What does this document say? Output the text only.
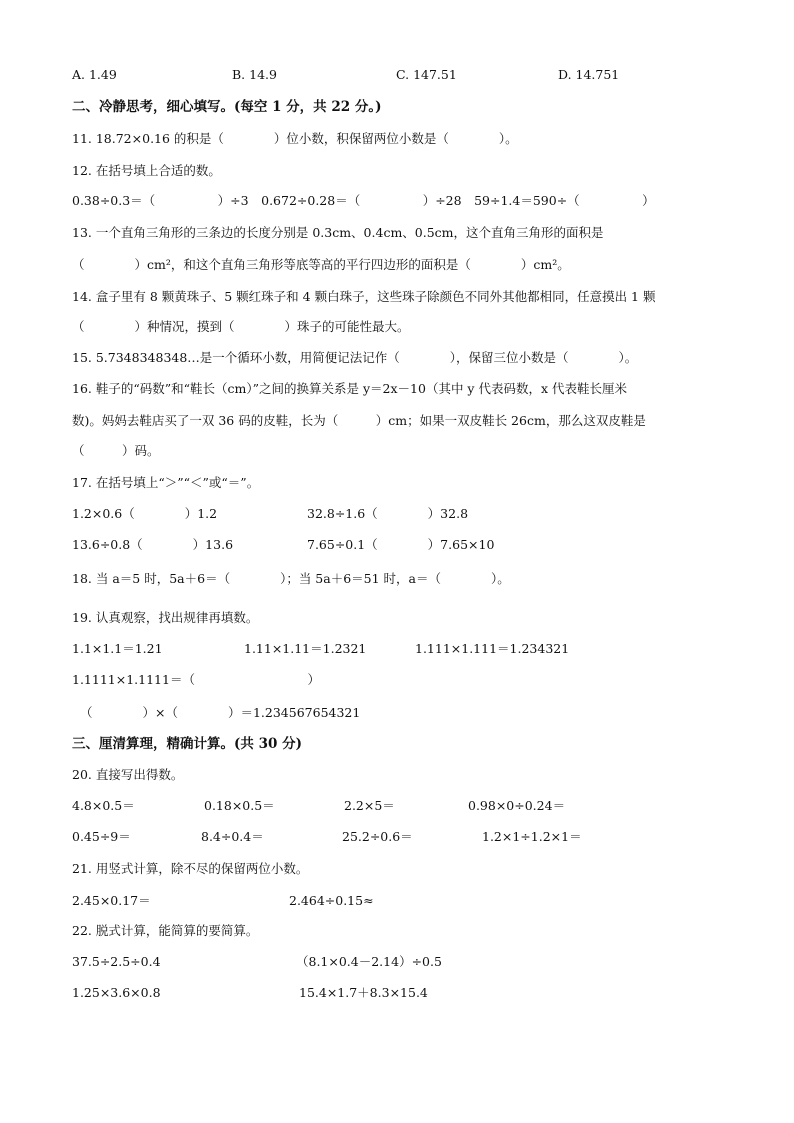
A. 1.49	B. 14.9	C. 147.51	D. 14.751
二、冷静思考，细心填写。(每空 1 分，共 22 分。)
11. 18.72×0.16 的积是（　　　　）位小数，积保留两位小数是（　　　　）。
12. 在括号填上合适的数。
0.38÷0.3＝（　　　　　）÷3　0.672÷0.28＝（　　　　　）÷28　59÷1.4＝590÷（　　　　　）
13. 一个直角三角形的三条边的长度分别是 0.3cm、0.4cm、0.5cm，这个直角三角形的面积是
（　　　　）cm²，和这个直角三角形等底等高的平行四边形的面积是（　　　　）cm²。
14. 盒子里有 8 颗黄珠子、5 颗红珠子和 4 颗白珠子，这些珠子除颜色不同外其他都相同，任意摸出 1 颗
（　　　　）种情况，摸到（　　　　）珠子的可能性最大。
15. 5.7348348348…是一个循环小数，用简便记法记作（　　　　），保留三位小数是（　　　　）。
16. 鞋子的“码数”和“鞋长（cm）”之间的换算关系是 y＝2x－10（其中 y 代表码数，x 代表鞋长厘米
数)。妈妈去鞋店买了一双 36 码的皮鞋，长为（　　　）cm；如果一双皮鞋长 26cm，那么这双皮鞋是
（　　　）码。
17. 在括号填上“＞”“＜”或“＝”。
1.2×0.6（　　　　）1.2	32.8÷1.6（　　　　）32.8
13.6÷0.8（　　　　）13.6	7.65÷0.1（　　　　）7.65×10
18. 当 a＝5 时，5a＋6＝（　　　　）；当 5a＋6＝51 时，a＝（　　　　）。
19. 认真观察，找出规律再填数。
1.1×1.1＝1.21	1.11×1.11＝1.2321	1.111×1.111＝1.234321
1.1111×1.1111＝（　　　　　　　　　）
（　　　　）×（　　　　）＝1.234567654321
三、厘清算理，精确计算。(共 30 分)
20. 直接写出得数。
4.8×0.5＝	0.18×0.5＝	2.2×5＝	0.98×0÷0.24＝
0.45÷9＝	8.4÷0.4＝	25.2÷0.6＝	1.2×1÷1.2×1＝
21. 用竖式计算，除不尽的保留两位小数。
2.45×0.17＝	2.464÷0.15≈
22. 脱式计算，能简算的要简算。
37.5÷2.5÷0.4	（8.1×0.4－2.14）÷0.5
1.25×3.6×0.8	15.4×1.7＋8.3×15.4
